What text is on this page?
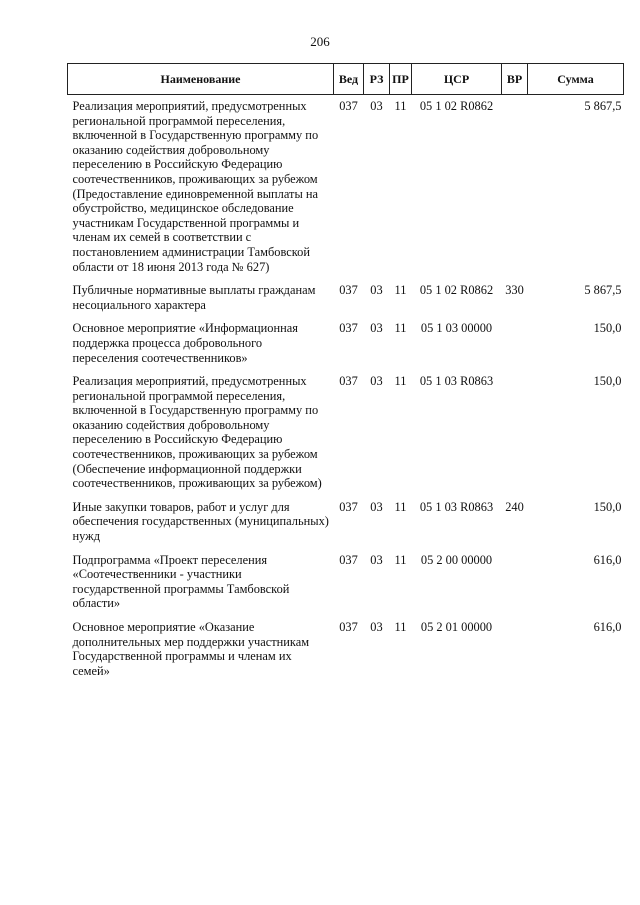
206
Наименование	Вед	РЗ	ПР	ЦСР	ВР	Сумма
Реализация мероприятий, предусмотренных региональной программой переселения, включенной в Государственную программу по оказанию содействия добровольному переселению в Российскую Федерацию соотечественников, проживающих за рубежом (Предоставление единовременной выплаты на обустройство, медицинское обследование участникам Государственной программы и членам их семей в соответствии с постановлением администрации Тамбовской области от 18 июня 2013 года № 627)	037	03	11	05 1 02 R0862		5 867,5
Публичные нормативные выплаты гражданам несоциального характера	037	03	11	05 1 02 R0862	330	5 867,5
Основное мероприятие «Информационная поддержка процесса добровольного переселения соотечественников»	037	03	11	05 1 03 00000		150,0
Реализация мероприятий, предусмотренных региональной программой переселения, включенной в Государственную программу по оказанию содействия добровольному переселению в Российскую Федерацию соотечественников, проживающих за рубежом (Обеспечение информационной поддержки соотечественников, проживающих за рубежом)	037	03	11	05 1 03 R0863		150,0
Иные закупки товаров, работ и услуг для обеспечения государственных (муниципальных) нужд	037	03	11	05 1 03 R0863	240	150,0
Подпрограмма «Проект переселения «Соотечественники - участники государственной программы Тамбовской области»	037	03	11	05 2 00 00000		616,0
Основное мероприятие «Оказание дополнительных мер поддержки участникам Государственной программы и членам их семей»	037	03	11	05 2 01 00000		616,0
